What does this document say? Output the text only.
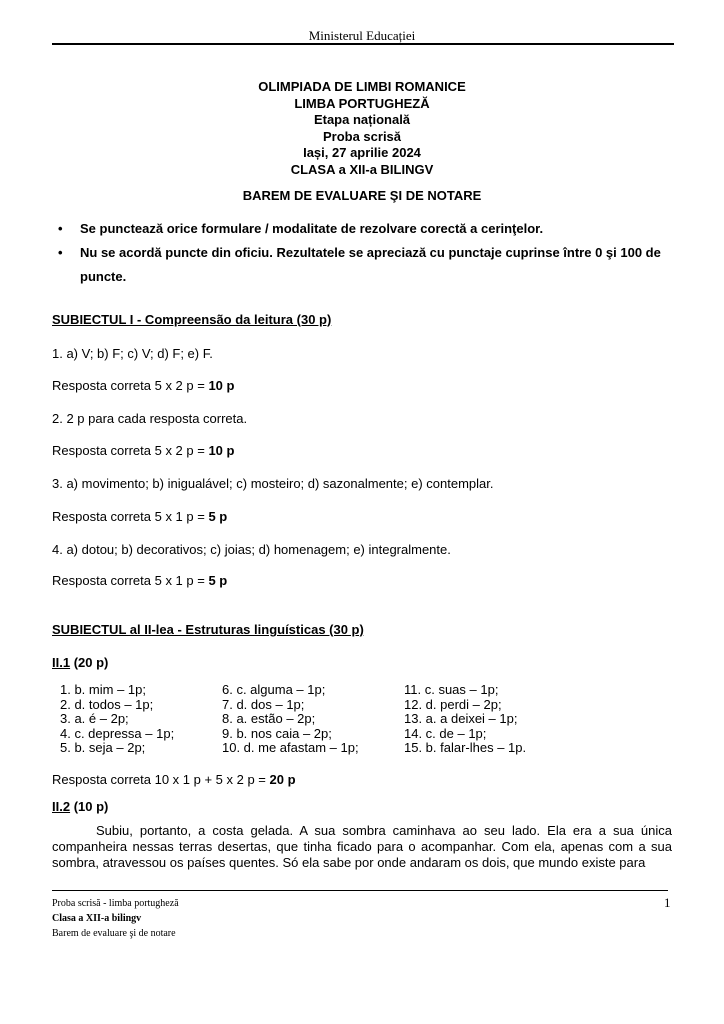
Ministerul Educației
OLIMPIADA DE LIMBI ROMANICE
LIMBA PORTUGHEZĂ
Etapa națională
Proba scrisă
Iași, 27 aprilie 2024
CLASA a XII-a BILINGV
BAREM DE EVALUARE ŞI DE NOTARE
• Se punctează orice formulare / modalitate de rezolvare corectă a cerinţelor.
• Nu se acordă puncte din oficiu. Rezultatele se apreciază cu punctaje cuprinse între 0 şi 100 de puncte.
SUBIECTUL I - Compreensão da leitura (30 p)
1. a) V; b) F; c) V; d) F; e) F.
Resposta correta 5 x 2 p = 10 p
2. 2 p para cada resposta correta.
Resposta correta 5 x 2 p = 10 p
3. a) movimento; b) inigualável; c) mosteiro; d) sazonalmente; e) contemplar.
Resposta correta 5 x 1 p = 5 p
4. a) dotou; b) decorativos; c) joias; d) homenagem; e) integralmente.
Resposta correta 5 x 1 p = 5 p
SUBIECTUL al II-lea - Estruturas linguísticas (30 p)
II.1 (20 p)
1. b. mim – 1p;
2. d. todos – 1p;
3. a. é – 2p;
4. c. depressa – 1p;
5. b. seja – 2p;
6. c. alguma – 1p;
7. d. dos – 1p;
8. a. estão – 2p;
9. b. nos caia – 2p;
10. d. me afastam – 1p;
11. c. suas – 1p;
12. d. perdi – 2p;
13. a. a deixei – 1p;
14. c. de – 1p;
15. b. falar-lhes – 1p.
Resposta correta 10 x 1 p + 5 x 2 p = 20 p
II.2 (10 p)
Subiu, portanto, a costa gelada. A sua sombra caminhava ao seu lado. Ela era a sua única companheira nessas terras desertas, que tinha ficado para o acompanhar. Com ela, apenas com a sua sombra, atravessou os países quentes. Só ela sabe por onde andaram os dois, que mundo existe para
Proba scrisă - limba portugheză
Clasa a XII-a bilingv
Barem de evaluare şi de notare
1
